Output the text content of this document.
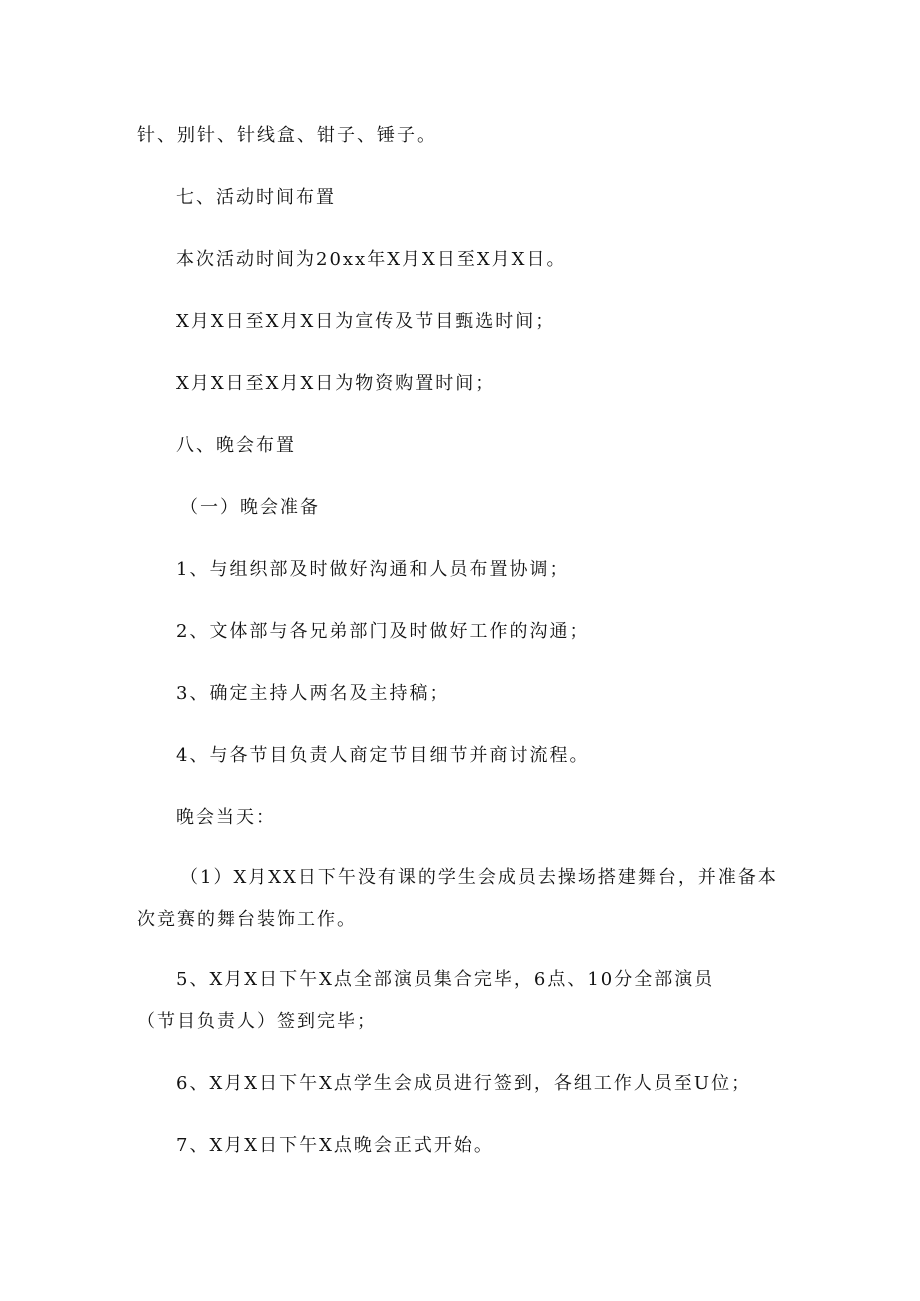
针、别针、针线盒、钳子、锤子。
七、活动时间布置
本次活动时间为20xx年X月X日至X月X日。
X月X日至X月X日为宣传及节目甄选时间；
X月X日至X月X日为物资购置时间；
八、晚会布置
（一）晚会准备
1、与组织部及时做好沟通和人员布置协调；
2、文体部与各兄弟部门及时做好工作的沟通；
3、确定主持人两名及主持稿；
4、与各节目负责人商定节目细节并商讨流程。
晚会当天：
（1）X月XX日下午没有课的学生会成员去操场搭建舞台，并准备本
次竞赛的舞台装饰工作。
5、X月X日下午X点全部演员集合完毕，6点、10分全部演员
（节目负责人）签到完毕；
6、X月X日下午X点学生会成员进行签到，各组工作人员至U位；
7、X月X日下午X点晚会正式开始。
